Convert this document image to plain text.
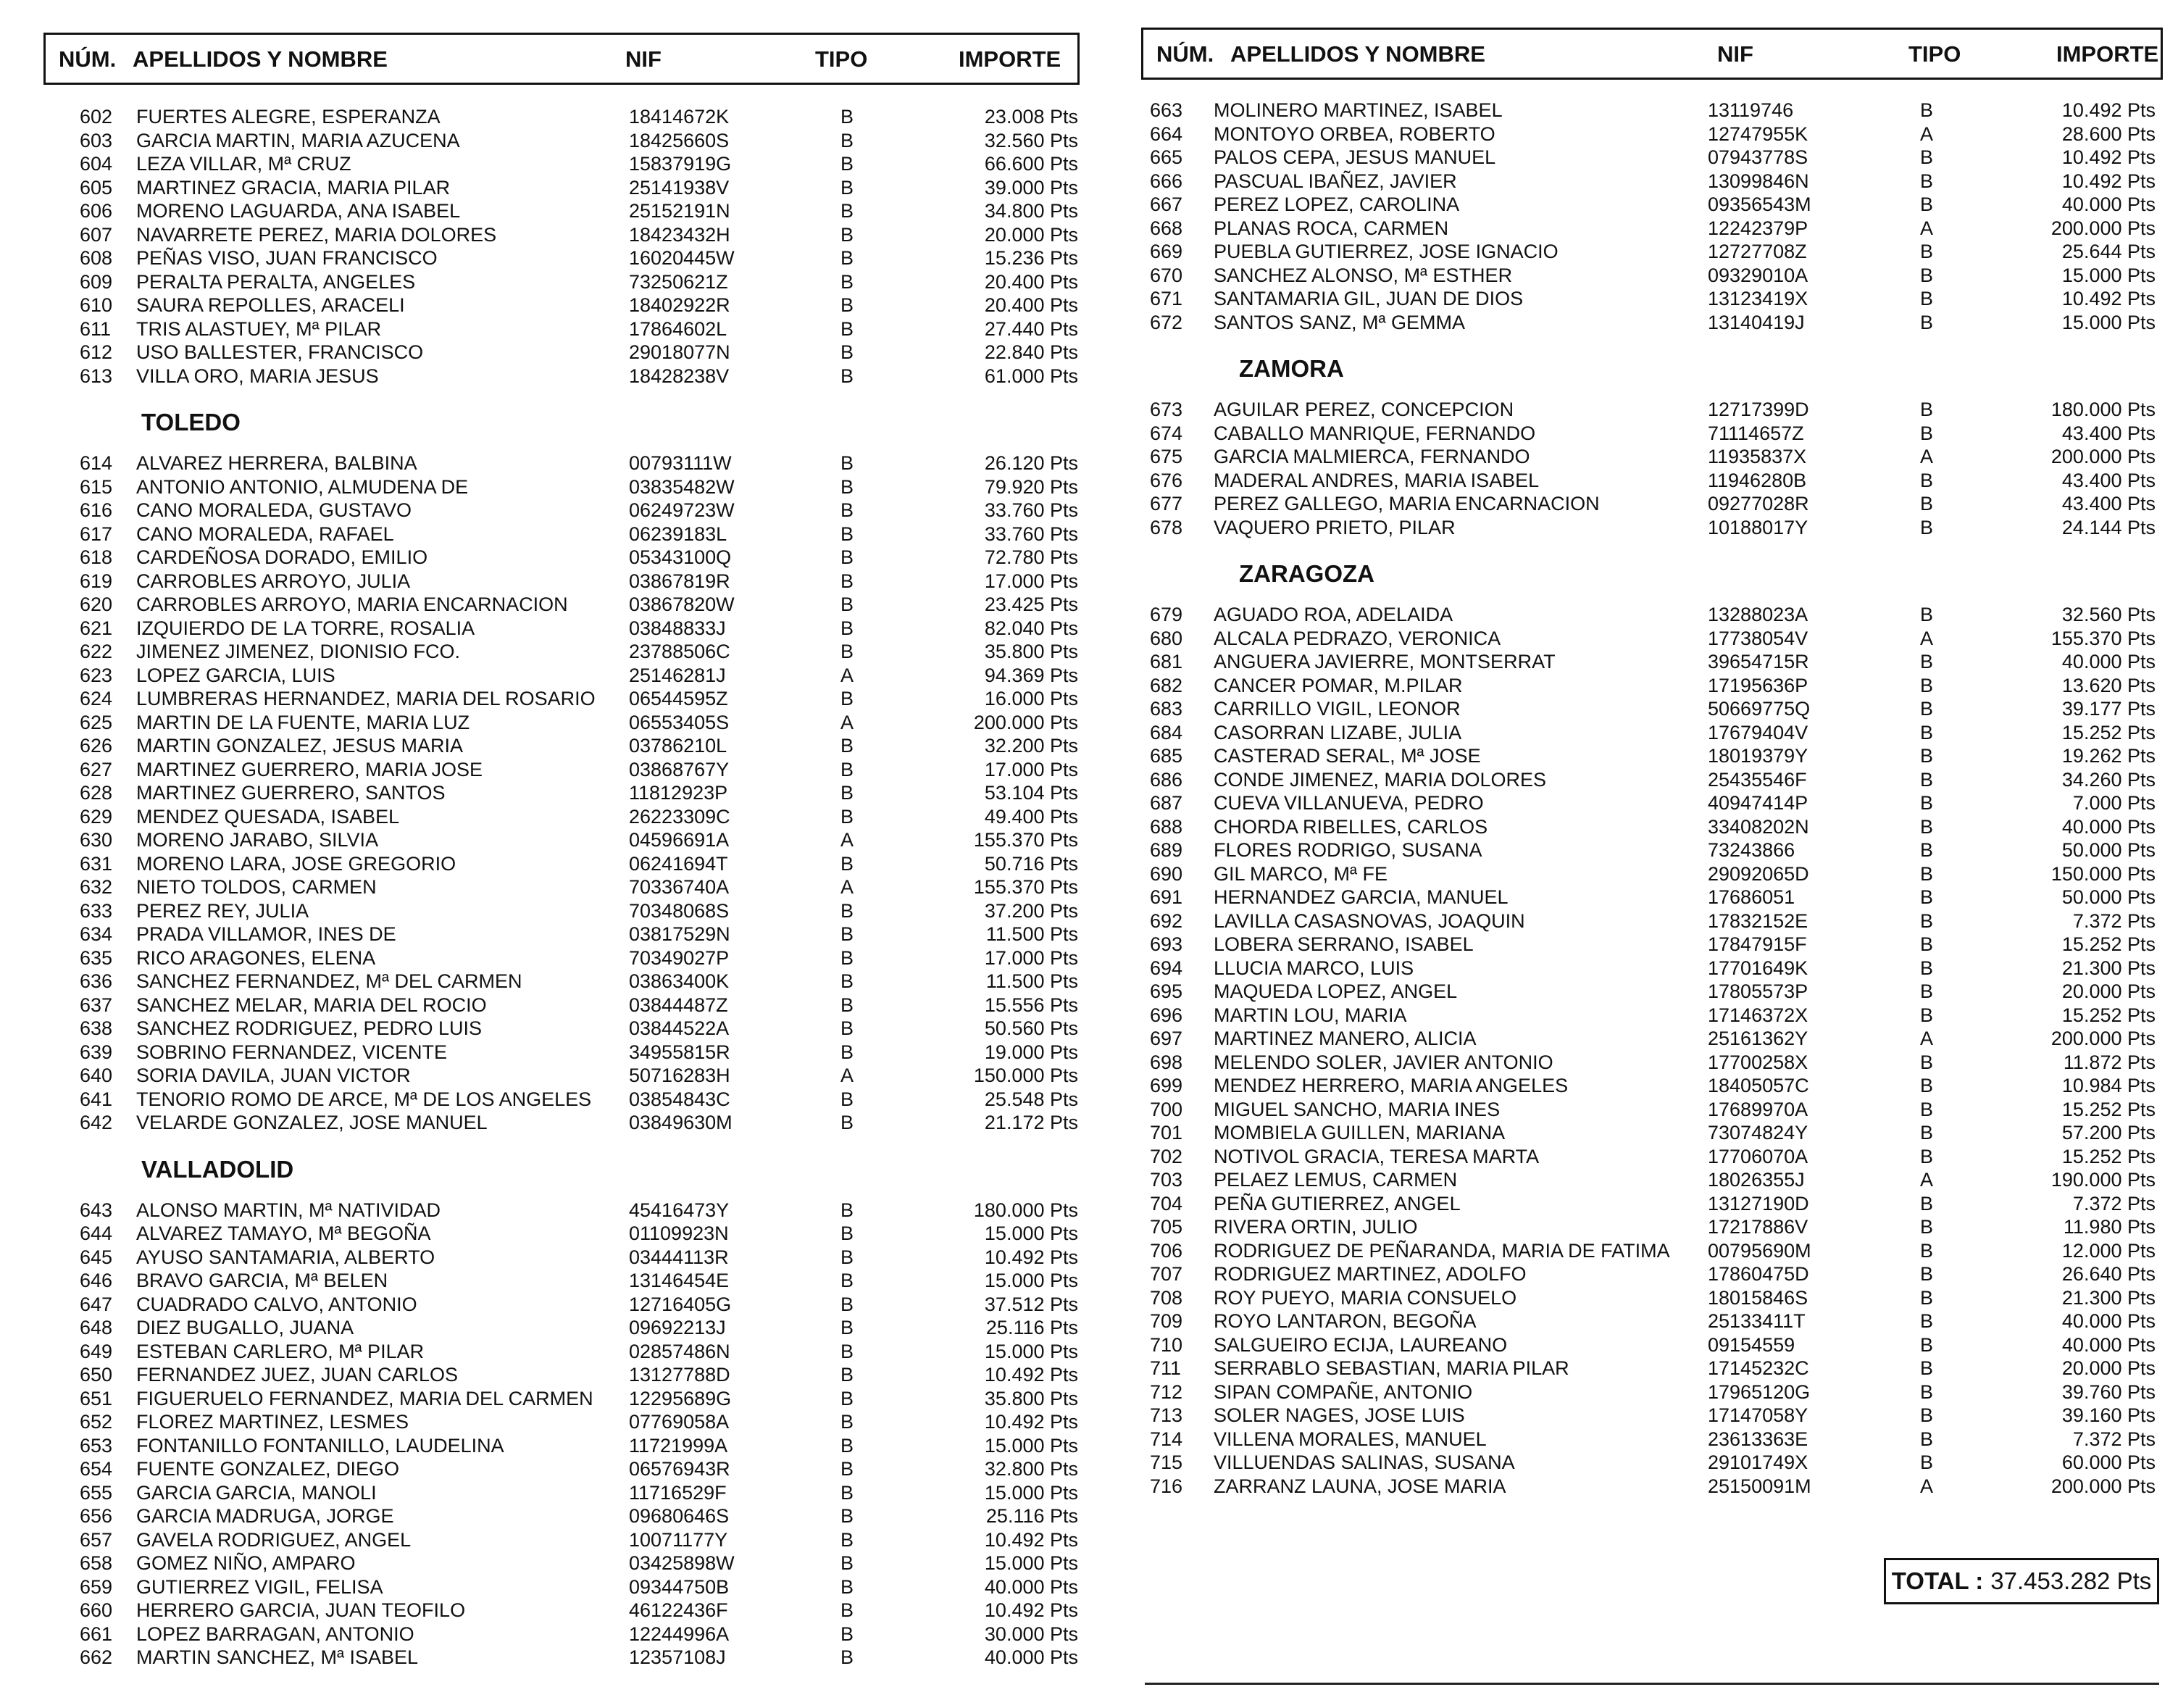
NÚM. APELLIDOS Y NOMBRE	NIF	TIPO	IMPORTE
602	FUERTES ALEGRE, ESPERANZA	18414672K	B	23.008 Pts
603	GARCIA MARTIN, MARIA AZUCENA	18425660S	B	32.560 Pts
604	LEZA VILLAR, Mª CRUZ	15837919G	B	66.600 Pts
605	MARTINEZ GRACIA, MARIA PILAR	25141938V	B	39.000 Pts
606	MORENO LAGUARDA, ANA ISABEL	25152191N	B	34.800 Pts
607	NAVARRETE PEREZ, MARIA DOLORES	18423432H	B	20.000 Pts
608	PEÑAS VISO, JUAN FRANCISCO	16020445W	B	15.236 Pts
609	PERALTA PERALTA, ANGELES	73250621Z	B	20.400 Pts
610	SAURA REPOLLES, ARACELI	18402922R	B	20.400 Pts
611	TRIS ALASTUEY, Mª PILAR	17864602L	B	27.440 Pts
612	USO BALLESTER, FRANCISCO	29018077N	B	22.840 Pts
613	VILLA ORO, MARIA JESUS	18428238V	B	61.000 Pts
TOLEDO
614	ALVAREZ HERRERA, BALBINA	00793111W	B	26.120 Pts
615	ANTONIO ANTONIO, ALMUDENA DE	03835482W	B	79.920 Pts
616	CANO MORALEDA, GUSTAVO	06249723W	B	33.760 Pts
617	CANO MORALEDA, RAFAEL	06239183L	B	33.760 Pts
618	CARDEÑOSA DORADO, EMILIO	05343100Q	B	72.780 Pts
619	CARROBLES ARROYO, JULIA	03867819R	B	17.000 Pts
620	CARROBLES ARROYO, MARIA ENCARNACION	03867820W	B	23.425 Pts
621	IZQUIERDO DE LA TORRE, ROSALIA	03848833J	B	82.040 Pts
622	JIMENEZ JIMENEZ, DIONISIO FCO.	23788506C	B	35.800 Pts
623	LOPEZ GARCIA, LUIS	25146281J	A	94.369 Pts
624	LUMBRERAS HERNANDEZ, MARIA DEL ROSARIO 06544595Z	B	16.000 Pts
625	MARTIN DE LA FUENTE, MARIA LUZ	06553405S	A	200.000 Pts
626	MARTIN GONZALEZ, JESUS MARIA	03786210L	B	32.200 Pts
627	MARTINEZ GUERRERO, MARIA JOSE	03868767Y	B	17.000 Pts
628	MARTINEZ GUERRERO, SANTOS	11812923P	B	53.104 Pts
629	MENDEZ QUESADA, ISABEL	26223309C	B	49.400 Pts
630	MORENO JARABO, SILVIA	04596691A	A	155.370 Pts
631	MORENO LARA, JOSE GREGORIO	06241694T	B	50.716 Pts
632	NIETO TOLDOS, CARMEN	70336740A	A	155.370 Pts
633	PEREZ REY, JULIA	70348068S	B	37.200 Pts
634	PRADA VILLAMOR, INES DE	03817529N	B	11.500 Pts
635	RICO ARAGONES, ELENA	70349027P	B	17.000 Pts
636	SANCHEZ FERNANDEZ, Mª DEL CARMEN	03863400K	B	11.500 Pts
637	SANCHEZ MELAR, MARIA DEL ROCIO	03844487Z	B	15.556 Pts
638	SANCHEZ RODRIGUEZ, PEDRO LUIS	03844522A	B	50.560 Pts
639	SOBRINO FERNANDEZ, VICENTE	34955815R	B	19.000 Pts
640	SORIA DAVILA, JUAN VICTOR	50716283H	A	150.000 Pts
641	TENORIO ROMO DE ARCE, Mª DE LOS ANGELES 03854843C	B	25.548 Pts
642	VELARDE GONZALEZ, JOSE MANUEL	03849630M	B	21.172 Pts
VALLADOLID
643	ALONSO MARTIN, Mª NATIVIDAD	45416473Y	B	180.000 Pts
644	ALVAREZ TAMAYO, Mª BEGOÑA	01109923N	B	15.000 Pts
645	AYUSO SANTAMARIA, ALBERTO	03444113R	B	10.492 Pts
646	BRAVO GARCIA, Mª BELEN	13146454E	B	15.000 Pts
647	CUADRADO CALVO, ANTONIO	12716405G	B	37.512 Pts
648	DIEZ BUGALLO, JUANA	09692213J	B	25.116 Pts
649	ESTEBAN CARLERO, Mª PILAR	02857486N	B	15.000 Pts
650	FERNANDEZ JUEZ, JUAN CARLOS	13127788D	B	10.492 Pts
651	FIGUERUELO FERNANDEZ, MARIA DEL CARMEN 12295689G	B	35.800 Pts
652	FLOREZ MARTINEZ, LESMES	07769058A	B	10.492 Pts
653	FONTANILLO FONTANILLO, LAUDELINA	11721999A	B	15.000 Pts
654	FUENTE GONZALEZ, DIEGO	06576943R	B	32.800 Pts
655	GARCIA GARCIA, MANOLI	11716529F	B	15.000 Pts
656	GARCIA MADRUGA, JORGE	09680646S	B	25.116 Pts
657	GAVELA RODRIGUEZ, ANGEL	10071177Y	B	10.492 Pts
658	GOMEZ NIÑO, AMPARO	03425898W	B	15.000 Pts
659	GUTIERREZ VIGIL, FELISA	09344750B	B	40.000 Pts
660	HERRERO GARCIA, JUAN TEOFILO	46122436F	B	10.492 Pts
661	LOPEZ BARRAGAN, ANTONIO	12244996A	B	30.000 Pts
662	MARTIN SANCHEZ, Mª ISABEL	12357108J	B	40.000 Pts
NÚM. APELLIDOS Y NOMBRE	NIF	TIPO	IMPORTE
663	MOLINERO MARTINEZ, ISABEL	13119746	B	10.492 Pts
664	MONTOYO ORBEA, ROBERTO	12747955K	A	28.600 Pts
665	PALOS CEPA, JESUS MANUEL	07943778S	B	10.492 Pts
666	PASCUAL IBAÑEZ, JAVIER	13099846N	B	10.492 Pts
667	PEREZ LOPEZ, CAROLINA	09356543M	B	40.000 Pts
668	PLANAS ROCA, CARMEN	12242379P	A	200.000 Pts
669	PUEBLA GUTIERREZ, JOSE IGNACIO	12727708Z	B	25.644 Pts
670	SANCHEZ ALONSO, Mª ESTHER	09329010A	B	15.000 Pts
671	SANTAMARIA GIL, JUAN DE DIOS	13123419X	B	10.492 Pts
672	SANTOS SANZ, Mª GEMMA	13140419J	B	15.000 Pts
ZAMORA
673	AGUILAR PEREZ, CONCEPCION	12717399D	B	180.000 Pts
674	CABALLO MANRIQUE, FERNANDO	71114657Z	B	43.400 Pts
675	GARCIA MALMIERCA, FERNANDO	11935837X	A	200.000 Pts
676	MADERAL ANDRES, MARIA ISABEL	11946280B	B	43.400 Pts
677	PEREZ GALLEGO, MARIA ENCARNACION	09277028R	B	43.400 Pts
678	VAQUERO PRIETO, PILAR	10188017Y	B	24.144 Pts
ZARAGOZA
679	AGUADO ROA, ADELAIDA	13288023A	B	32.560 Pts
680	ALCALA PEDRAZO, VERONICA	17738054V	A	155.370 Pts
681	ANGUERA JAVIERRE, MONTSERRAT	39654715R	B	40.000 Pts
682	CANCER POMAR, M.PILAR	17195636P	B	13.620 Pts
683	CARRILLO VIGIL, LEONOR	50669775Q	B	39.177 Pts
684	CASORRAN LIZABE, JULIA	17679404V	B	15.252 Pts
685	CASTERAD SERAL, Mª JOSE	18019379Y	B	19.262 Pts
686	CONDE JIMENEZ, MARIA DOLORES	25435546F	B	34.260 Pts
687	CUEVA VILLANUEVA, PEDRO	40947414P	B	7.000 Pts
688	CHORDA RIBELLES, CARLOS	33408202N	B	40.000 Pts
689	FLORES RODRIGO, SUSANA	73243866	B	50.000 Pts
690	GIL MARCO, Mª FE	29092065D	B	150.000 Pts
691	HERNANDEZ GARCIA, MANUEL	17686051	B	50.000 Pts
692	LAVILLA CASASNOVAS, JOAQUIN	17832152E	B	7.372 Pts
693	LOBERA SERRANO, ISABEL	17847915F	B	15.252 Pts
694	LLUCIA MARCO, LUIS	17701649K	B	21.300 Pts
695	MAQUEDA LOPEZ, ANGEL	17805573P	B	20.000 Pts
696	MARTIN LOU, MARIA	17146372X	B	15.252 Pts
697	MARTINEZ MANERO, ALICIA	25161362Y	A	200.000 Pts
698	MELENDO SOLER, JAVIER ANTONIO	17700258X	B	11.872 Pts
699	MENDEZ HERRERO, MARIA ANGELES	18405057C	B	10.984 Pts
700	MIGUEL SANCHO, MARIA INES	17689970A	B	15.252 Pts
701	MOMBIELA GUILLEN, MARIANA	73074824Y	B	57.200 Pts
702	NOTIVOL GRACIA, TERESA MARTA	17706070A	B	15.252 Pts
703	PELAEZ LEMUS, CARMEN	18026355J	A	190.000 Pts
704	PEÑA GUTIERREZ, ANGEL	13127190D	B	7.372 Pts
705	RIVERA ORTIN, JULIO	17217886V	B	11.980 Pts
706	RODRIGUEZ DE PEÑARANDA, MARIA DE FATIMA 00795690M	B	12.000 Pts
707	RODRIGUEZ MARTINEZ, ADOLFO	17860475D	B	26.640 Pts
708	ROY PUEYO, MARIA CONSUELO	18015846S	B	21.300 Pts
709	ROYO LANTARON, BEGOÑA	25133411T	B	40.000 Pts
710	SALGUEIRO ECIJA, LAUREANO	09154559	B	40.000 Pts
711	SERRABLO SEBASTIAN, MARIA PILAR	17145232C	B	20.000 Pts
712	SIPAN COMPAÑE, ANTONIO	17965120G	B	39.760 Pts
713	SOLER NAGES, JOSE LUIS	17147058Y	B	39.160 Pts
714	VILLENA MORALES, MANUEL	23613363E	B	7.372 Pts
715	VILLUENDAS SALINAS, SUSANA	29101749X	B	60.000 Pts
716	ZARRANZ LAUNA, JOSE MARIA	25150091M	A	200.000 Pts
TOTAL : 37.453.282 Pts
